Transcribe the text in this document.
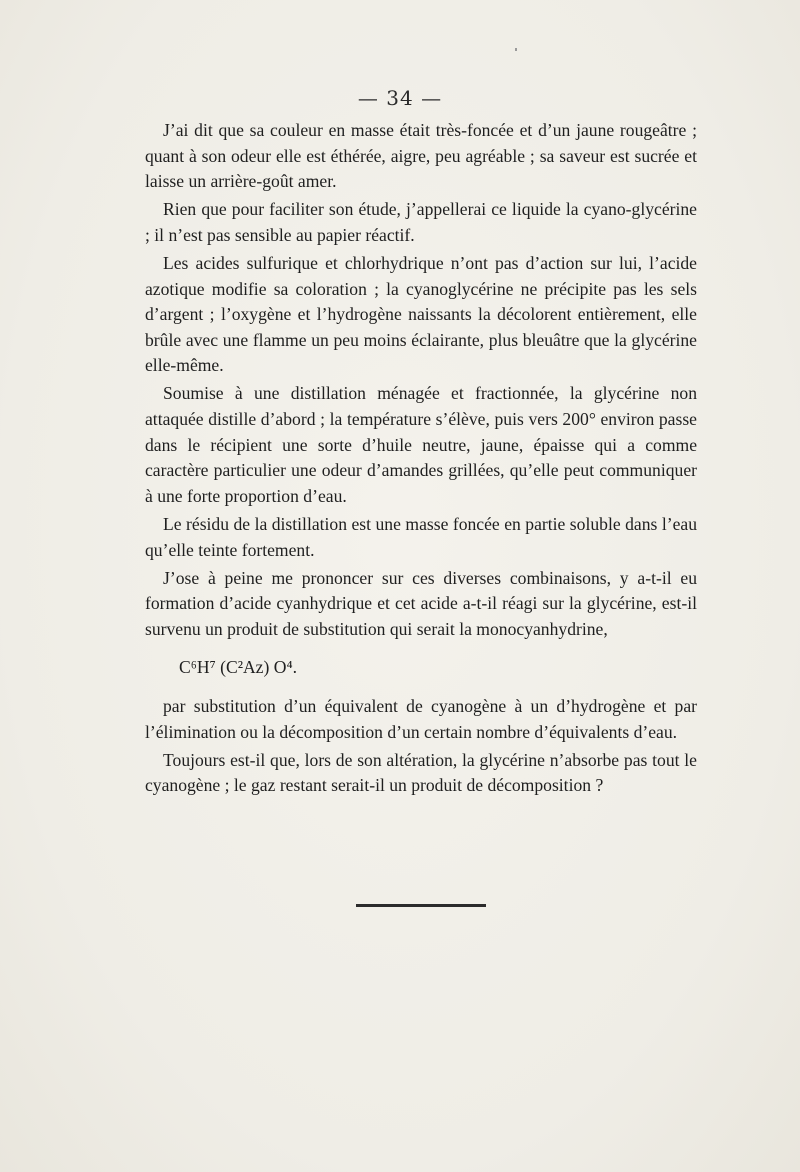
— 34 —

J’ai dit que sa couleur en masse était très-foncée et d’un jaune rougeâtre ; quant à son odeur elle est éthérée, aigre, peu agréable ; sa saveur est sucrée et laisse un arrière-goût amer.

Rien que pour faciliter son étude, j’appellerai ce liquide la cyano-glycérine ; il n’est pas sensible au papier réactif.

Les acides sulfurique et chlorhydrique n’ont pas d’action sur lui, l’acide azotique modifie sa coloration ; la cyanoglycérine ne précipite pas les sels d’argent ; l’oxygène et l’hydrogène naissants la décolorent entièrement, elle brûle avec une flamme un peu moins éclairante, plus bleuâtre que la glycérine elle-même.

Soumise à une distillation ménagée et fractionnée, la glycérine non attaquée distille d’abord ; la température s’élève, puis vers 200° environ passe dans le récipient une sorte d’huile neutre, jaune, épaisse qui a comme caractère particulier une odeur d’amandes grillées, qu’elle peut communiquer à une forte proportion d’eau.

Le résidu de la distillation est une masse foncée en partie soluble dans l’eau qu’elle teinte fortement.

J’ose à peine me prononcer sur ces diverses combinaisons, y a-t-il eu formation d’acide cyanhydrique et cet acide a-t-il réagi sur la glycérine, est-il survenu un produit de substitution qui serait la monocyanhydrine,

C⁶H⁷ (C²Az) O⁴.

par substitution d’un équivalent de cyanogène à un d’hydrogène et par l’élimination ou la décomposition d’un certain nombre d’équivalents d’eau.

Toujours est-il que, lors de son altération, la glycérine n’absorbe pas tout le cyanogène ; le gaz restant serait-il un produit de décomposition ?
